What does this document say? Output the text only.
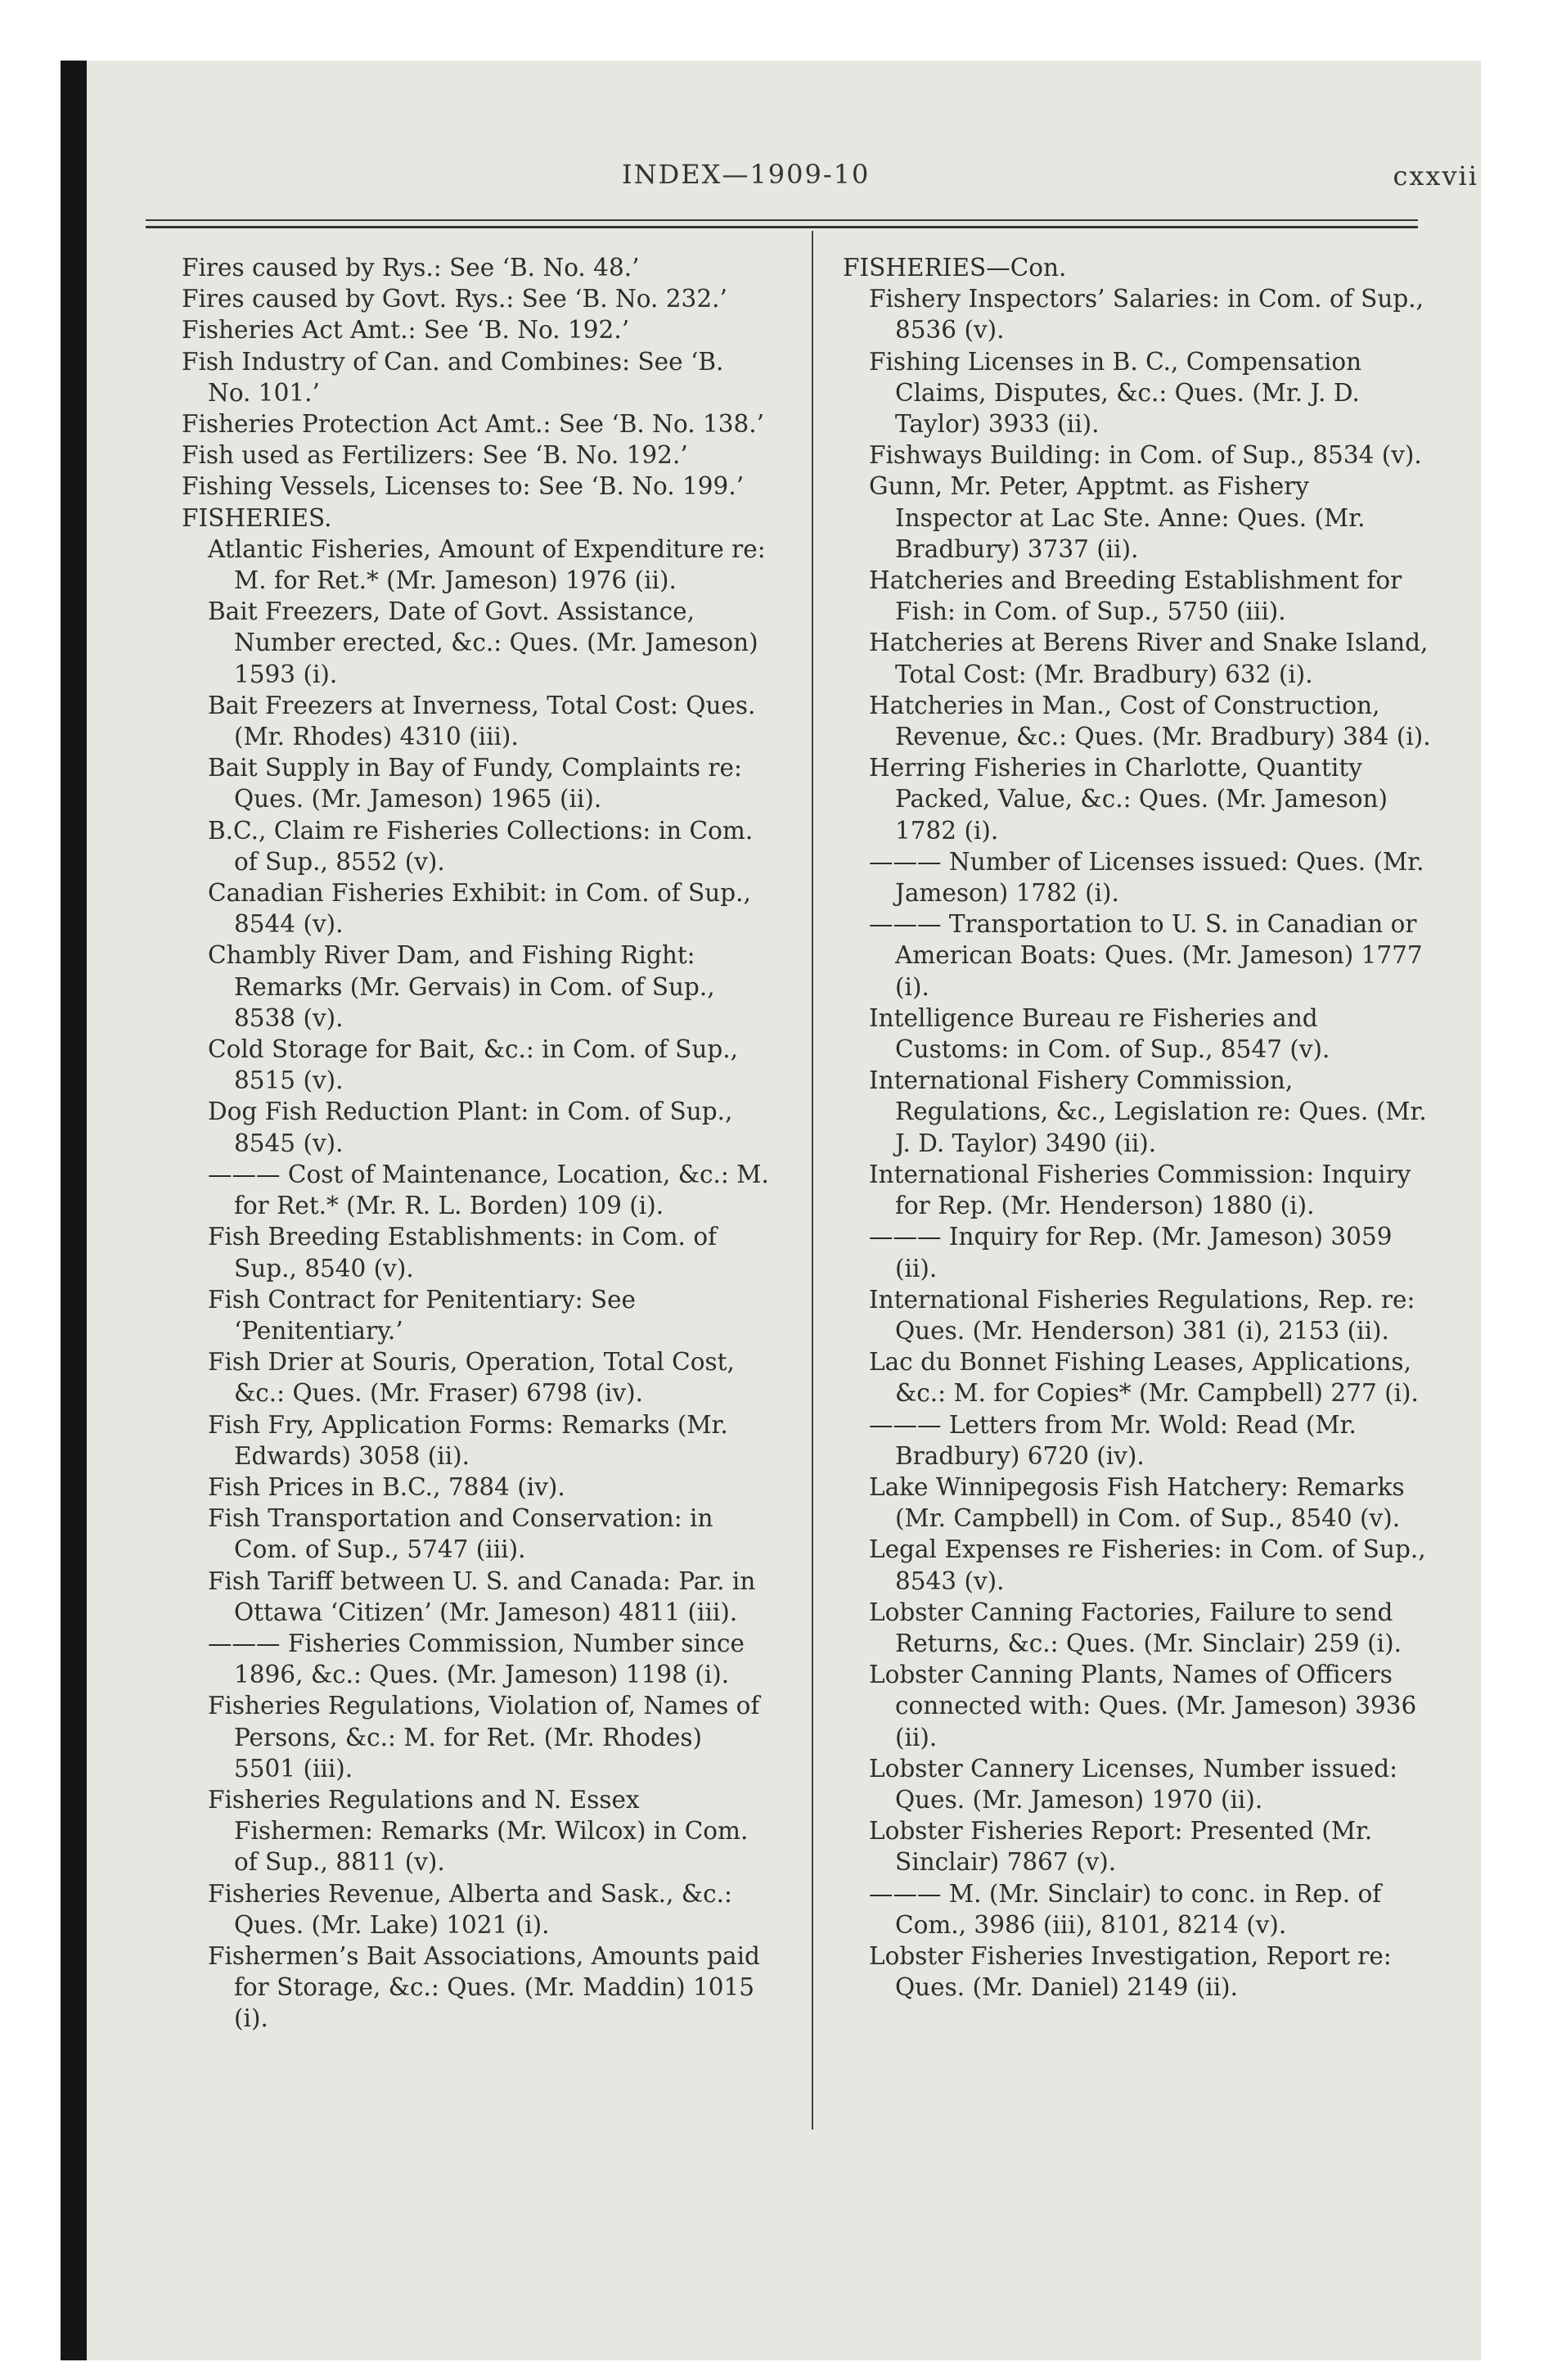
INDEX—1909-10	cxxvii

Fires caused by Rys.: See ‘B. No. 48.’

Fires caused by Govt. Rys.: See ‘B. No. 232.’

Fisheries Act Amt.: See ‘B. No. 192.’

Fish Industry of Can. and Combines: See ‘B. No. 101.’

Fisheries Protection Act Amt.: See ‘B. No. 138.’

Fish used as Fertilizers: See ‘B. No. 192.’

Fishing Vessels, Licenses to: See ‘B. No. 199.’

FISHERIES.

Atlantic Fisheries, Amount of Expenditure re: M. for Ret.* (Mr. Jameson) 1976 (ii).

Bait Freezers, Date of Govt. Assistance, Number erected, &c.: Ques. (Mr. Jameson) 1593 (i).

Bait Freezers at Inverness, Total Cost: Ques. (Mr. Rhodes) 4310 (iii).

Bait Supply in Bay of Fundy, Complaints re: Ques. (Mr. Jameson) 1965 (ii).

B.C., Claim re Fisheries Collections: in Com. of Sup., 8552 (v).

Canadian Fisheries Exhibit: in Com. of Sup., 8544 (v).

Chambly River Dam, and Fishing Right: Remarks (Mr. Gervais) in Com. of Sup., 8538 (v).

Cold Storage for Bait, &c.: in Com. of Sup., 8515 (v).

Dog Fish Reduction Plant: in Com. of Sup., 8545 (v).

——— Cost of Maintenance, Location, &c.: M. for Ret.* (Mr. R. L. Borden) 109 (i).

Fish Breeding Establishments: in Com. of Sup., 8540 (v).

Fish Contract for Penitentiary: See ‘Penitentiary.’

Fish Drier at Souris, Operation, Total Cost, &c.: Ques. (Mr. Fraser) 6798 (iv).

Fish Fry, Application Forms: Remarks (Mr. Edwards) 3058 (ii).

Fish Prices in B.C., 7884 (iv).

Fish Transportation and Conservation: in Com. of Sup., 5747 (iii).

Fish Tariff between U. S. and Canada: Par. in Ottawa ‘Citizen’ (Mr. Jameson) 4811 (iii).

——— Fisheries Commission, Number since 1896, &c.: Ques. (Mr. Jameson) 1198 (i).

Fisheries Regulations, Violation of, Names of Persons, &c.: M. for Ret. (Mr. Rhodes) 5501 (iii).

Fisheries Regulations and N. Essex Fishermen: Remarks (Mr. Wilcox) in Com. of Sup., 8811 (v).

Fisheries Revenue, Alberta and Sask., &c.: Ques. (Mr. Lake) 1021 (i).

Fishermen’s Bait Associations, Amounts paid for Storage, &c.: Ques. (Mr. Maddin) 1015 (i).

FISHERIES—Con.

Fishery Inspectors’ Salaries: in Com. of Sup., 8536 (v).

Fishing Licenses in B. C., Compensation Claims, Disputes, &c.: Ques. (Mr. J. D. Taylor) 3933 (ii).

Fishways Building: in Com. of Sup., 8534 (v).

Gunn, Mr. Peter, Apptmt. as Fishery Inspector at Lac Ste. Anne: Ques. (Mr. Bradbury) 3737 (ii).

Hatcheries and Breeding Establishment for Fish: in Com. of Sup., 5750 (iii).

Hatcheries at Berens River and Snake Island, Total Cost: (Mr. Bradbury) 632 (i).

Hatcheries in Man., Cost of Construction, Revenue, &c.: Ques. (Mr. Bradbury) 384 (i).

Herring Fisheries in Charlotte, Quantity Packed, Value, &c.: Ques. (Mr. Jameson) 1782 (i).

——— Number of Licenses issued: Ques. (Mr. Jameson) 1782 (i).

——— Transportation to U. S. in Canadian or American Boats: Ques. (Mr. Jameson) 1777 (i).

Intelligence Bureau re Fisheries and Customs: in Com. of Sup., 8547 (v).

International Fishery Commission, Regulations, &c., Legislation re: Ques. (Mr. J. D. Taylor) 3490 (ii).

International Fisheries Commission: Inquiry for Rep. (Mr. Henderson) 1880 (i).

——— Inquiry for Rep. (Mr. Jameson) 3059 (ii).

International Fisheries Regulations, Rep. re: Ques. (Mr. Henderson) 381 (i), 2153 (ii).

Lac du Bonnet Fishing Leases, Applications, &c.: M. for Copies* (Mr. Campbell) 277 (i).

——— Letters from Mr. Wold: Read (Mr. Bradbury) 6720 (iv).

Lake Winnipegosis Fish Hatchery: Remarks (Mr. Campbell) in Com. of Sup., 8540 (v).

Legal Expenses re Fisheries: in Com. of Sup., 8543 (v).

Lobster Canning Factories, Failure to send Returns, &c.: Ques. (Mr. Sinclair) 259 (i).

Lobster Canning Plants, Names of Officers connected with: Ques. (Mr. Jameson) 3936 (ii).

Lobster Cannery Licenses, Number issued: Ques. (Mr. Jameson) 1970 (ii).

Lobster Fisheries Report: Presented (Mr. Sinclair) 7867 (v).

——— M. (Mr. Sinclair) to conc. in Rep. of Com., 3986 (iii), 8101, 8214 (v).

Lobster Fisheries Investigation, Report re: Ques. (Mr. Daniel) 2149 (ii).
